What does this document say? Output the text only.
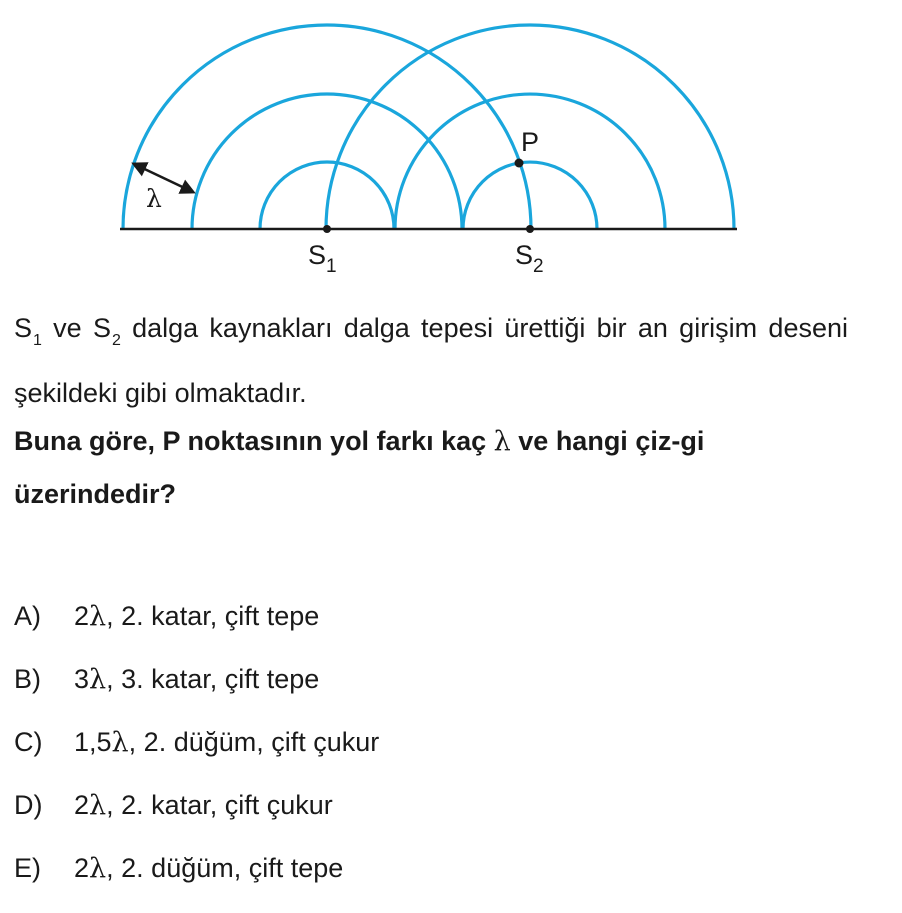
λ
P
$S_1$	$S_2$
$S_1$ ve $S_2$ dalga kaynakları dalga tepesi ürettiği bir an girişim deseni şekildeki gibi olmaktadır.
Buna göre, P noktasının yol farkı kaç λ ve hangi çiz-gi üzerindedir?
A) 2λ, 2. katar, çift tepe
B) 3λ, 3. katar, çift tepe
C) 1,5λ, 2. düğüm, çift çukur
D) 2λ, 2. katar, çift çukur
E) 2λ, 2. düğüm, çift tepe
